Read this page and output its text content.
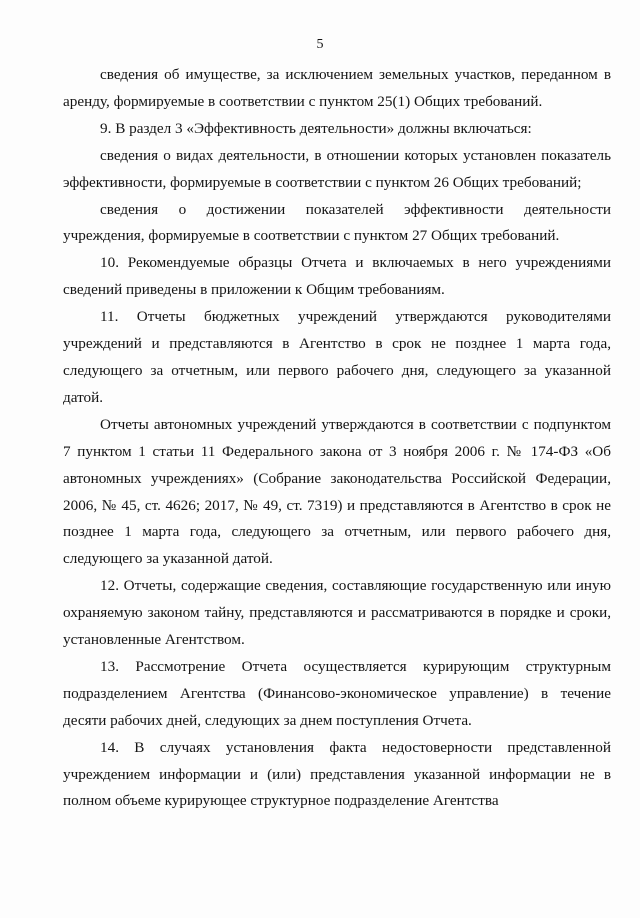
5

сведения об имуществе, за исключением земельных участков, переданном в аренду, формируемые в соответствии с пунктом 25(1) Общих требований.

9. В раздел 3 «Эффективность деятельности» должны включаться:

сведения о видах деятельности, в отношении которых установлен показатель эффективности, формируемые в соответствии с пунктом 26 Общих требований;

сведения о достижении показателей эффективности деятельности учреждения, формируемые в соответствии с пунктом 27 Общих требований.

10. Рекомендуемые образцы Отчета и включаемых в него учреждениями сведений приведены в приложении к Общим требованиям.

11. Отчеты бюджетных учреждений утверждаются руководителями учреждений и представляются в Агентство в срок не позднее 1 марта года, следующего за отчетным, или первого рабочего дня, следующего за указанной датой.

Отчеты автономных учреждений утверждаются в соответствии с подпунктом 7 пунктом 1 статьи 11 Федерального закона от 3 ноября 2006 г. № 174-ФЗ «Об автономных учреждениях» (Собрание законодательства Российской Федерации, 2006, № 45, ст. 4626; 2017, № 49, ст. 7319) и представляются в Агентство в срок не позднее 1 марта года, следующего за отчетным, или первого рабочего дня, следующего за указанной датой.

12. Отчеты, содержащие сведения, составляющие государственную или иную охраняемую законом тайну, представляются и рассматриваются в порядке и сроки, установленные Агентством.

13. Рассмотрение Отчета осуществляется курирующим структурным подразделением Агентства (Финансово-экономическое управление) в течение десяти рабочих дней, следующих за днем поступления Отчета.

14. В случаях установления факта недостоверности представленной учреждением информации и (или) представления указанной информации не в полном объеме курирующее структурное подразделение Агентства
